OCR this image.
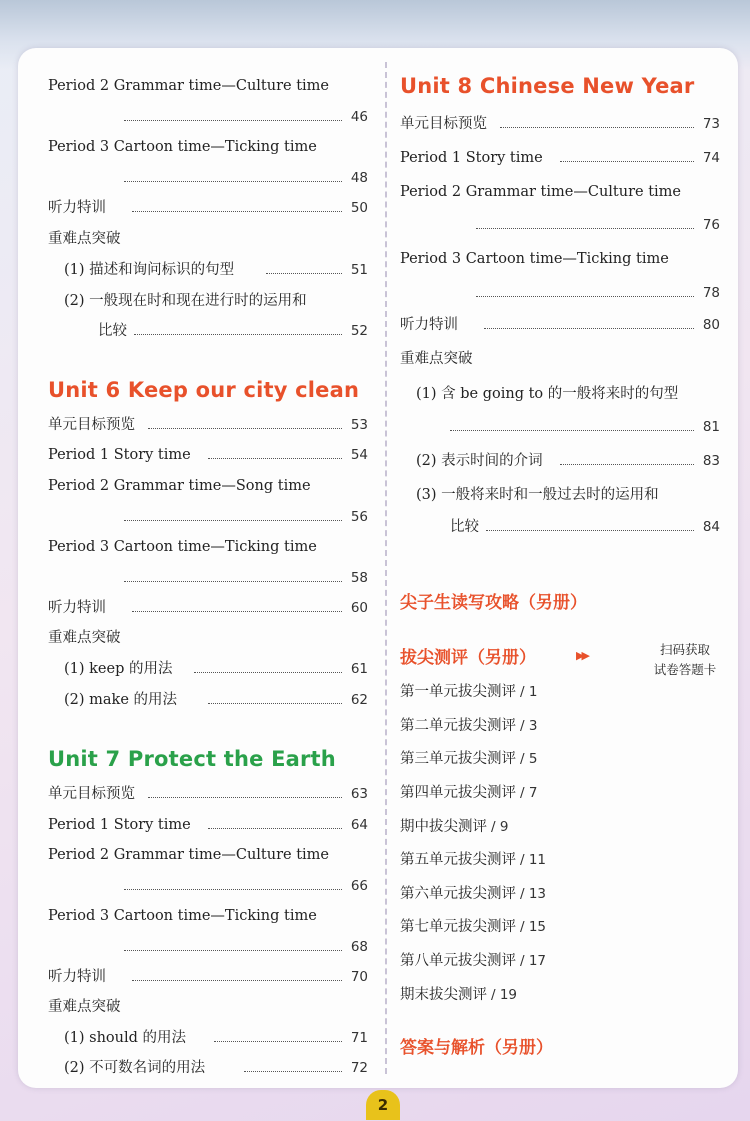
Period 2 Grammar time—Culture time
46
Period 3 Cartoon time—Ticking time
48
听力特训	50
重难点突破
(1) 描述和询问标识的句型	51
(2) 一般现在时和现在进行时的运用和
比较	52
Unit 6 Keep our city clean
单元目标预览	53
Period 1 Story time	54
Period 2 Grammar time—Song time
56
Period 3 Cartoon time—Ticking time
58
听力特训	60
重难点突破
(1) keep 的用法	61
(2) make 的用法	62
Unit 7 Protect the Earth
单元目标预览	63
Period 1 Story time	64
Period 2 Grammar time—Culture time
66
Period 3 Cartoon time—Ticking time
68
听力特训	70
重难点突破
(1) should 的用法	71
(2) 不可数名词的用法	72
Unit 8 Chinese New Year
单元目标预览	73
Period 1 Story time	74
Period 2 Grammar time—Culture time
76
Period 3 Cartoon time—Ticking time
78
听力特训	80
重难点突破
(1) 含 be going to 的一般将来时的句型
81
(2) 表示时间的介词	83
(3) 一般将来时和一般过去时的运用和
比较	84
尖子生读写攻略（另册）
拔尖测评（另册）	▶▶
第一单元拔尖测评 / 1
第二单元拔尖测评 / 3
第三单元拔尖测评 / 5
第四单元拔尖测评 / 7
期中拔尖测评 / 9
第五单元拔尖测评 / 11
第六单元拔尖测评 / 13
第七单元拔尖测评 / 15
第八单元拔尖测评 / 17
期末拔尖测评 / 19
扫码获取
试卷答题卡
答案与解析（另册）
2
